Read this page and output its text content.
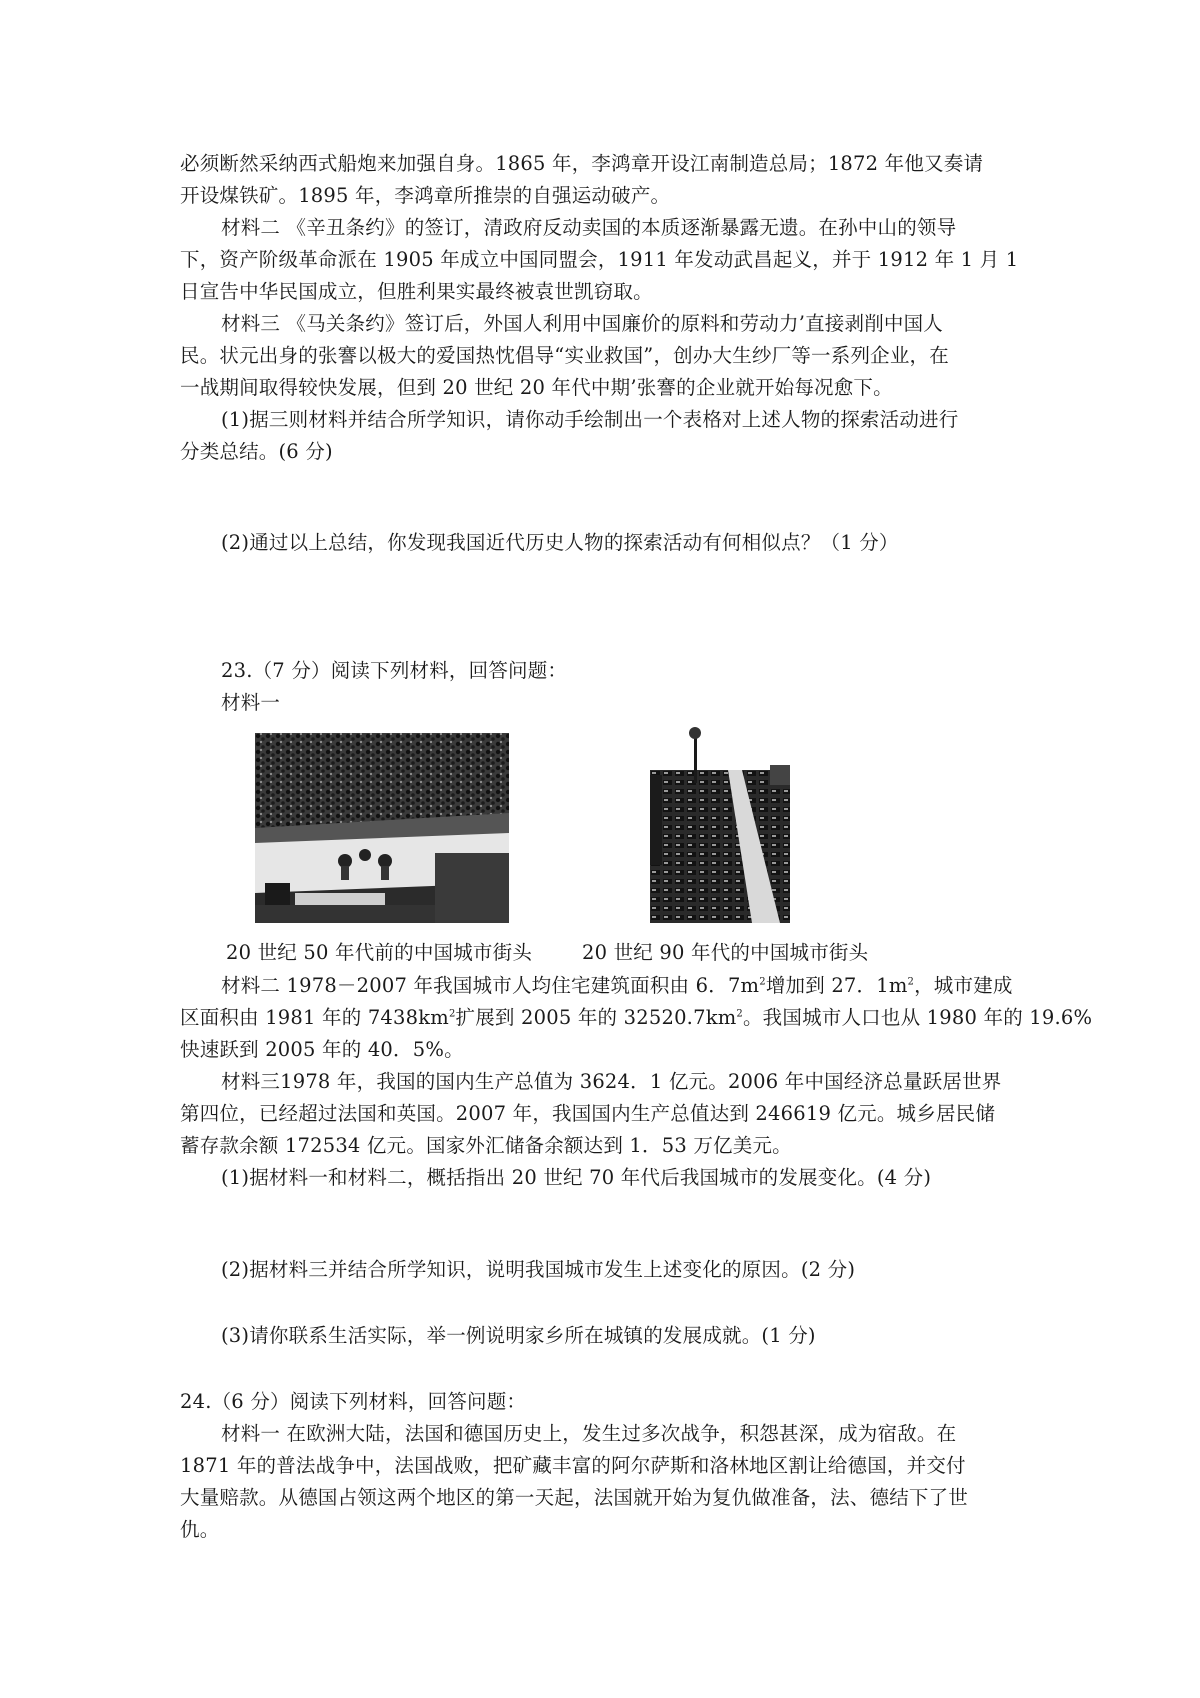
必须断然采纳西式船炮来加强自身。1865 年，李鸿章开设江南制造总局；1872 年他又奏请
开设煤铁矿。1895 年，李鸿章所推崇的自强运动破产。
材料二 《辛丑条约》的签订，清政府反动卖国的本质逐渐暴露无遗。在孙中山的领导
下，资产阶级革命派在 1905 年成立中国同盟会，1911 年发动武昌起义，并于 1912 年 1 月 1
日宣告中华民国成立，但胜利果实最终被袁世凯窃取。
材料三 《马关条约》签订后，外国人利用中国廉价的原料和劳动力’直接剥削中国人
民。状元出身的张謇以极大的爱国热忱倡导“实业救国”，创办大生纱厂等一系列企业，在
一战期间取得较快发展，但到 20 世纪 20 年代中期’张謇的企业就开始每况愈下。
(1)据三则材料并结合所学知识，请你动手绘制出一个表格对上述人物的探索活动进行
分类总结。(6 分)
(2)通过以上总结，你发现我国近代历史人物的探索活动有何相似点？（1 分）
23.（7 分）阅读下列材料，回答问题：
材料一
20 世纪 50 年代前的中国城市街头	20 世纪 90 年代的中国城市街头
材料二 1978－2007 年我国城市人均住宅建筑面积由 6．$7m^2$增加到 27．$1m^2$，城市建成
区面积由 1981 年的 $7438km^2$扩展到 2005 年的 $32520.7km^2$。我国城市人口也从 1980 年的 19.6%
快速跃到 2005 年的 40．5%。
材料三1978 年，我国的国内生产总值为 3624．1 亿元。2006 年中国经济总量跃居世界
第四位，已经超过法国和英国。2007 年，我国国内生产总值达到 246619 亿元。城乡居民储
蓄存款余额 172534 亿元。国家外汇储备余额达到 1．53 万亿美元。
(1)据材料一和材料二，概括指出 20 世纪 70 年代后我国城市的发展变化。(4 分)
(2)据材料三并结合所学知识，说明我国城市发生上述变化的原因。(2 分)
(3)请你联系生活实际，举一例说明家乡所在城镇的发展成就。(1 分)
24.（6 分）阅读下列材料，回答问题：
材料一 在欧洲大陆，法国和德国历史上，发生过多次战争，积怨甚深，成为宿敌。在
1871 年的普法战争中，法国战败，把矿藏丰富的阿尔萨斯和洛林地区割让给德国，并交付
大量赔款。从德国占领这两个地区的第一天起，法国就开始为复仇做准备，法、德结下了世
仇。
